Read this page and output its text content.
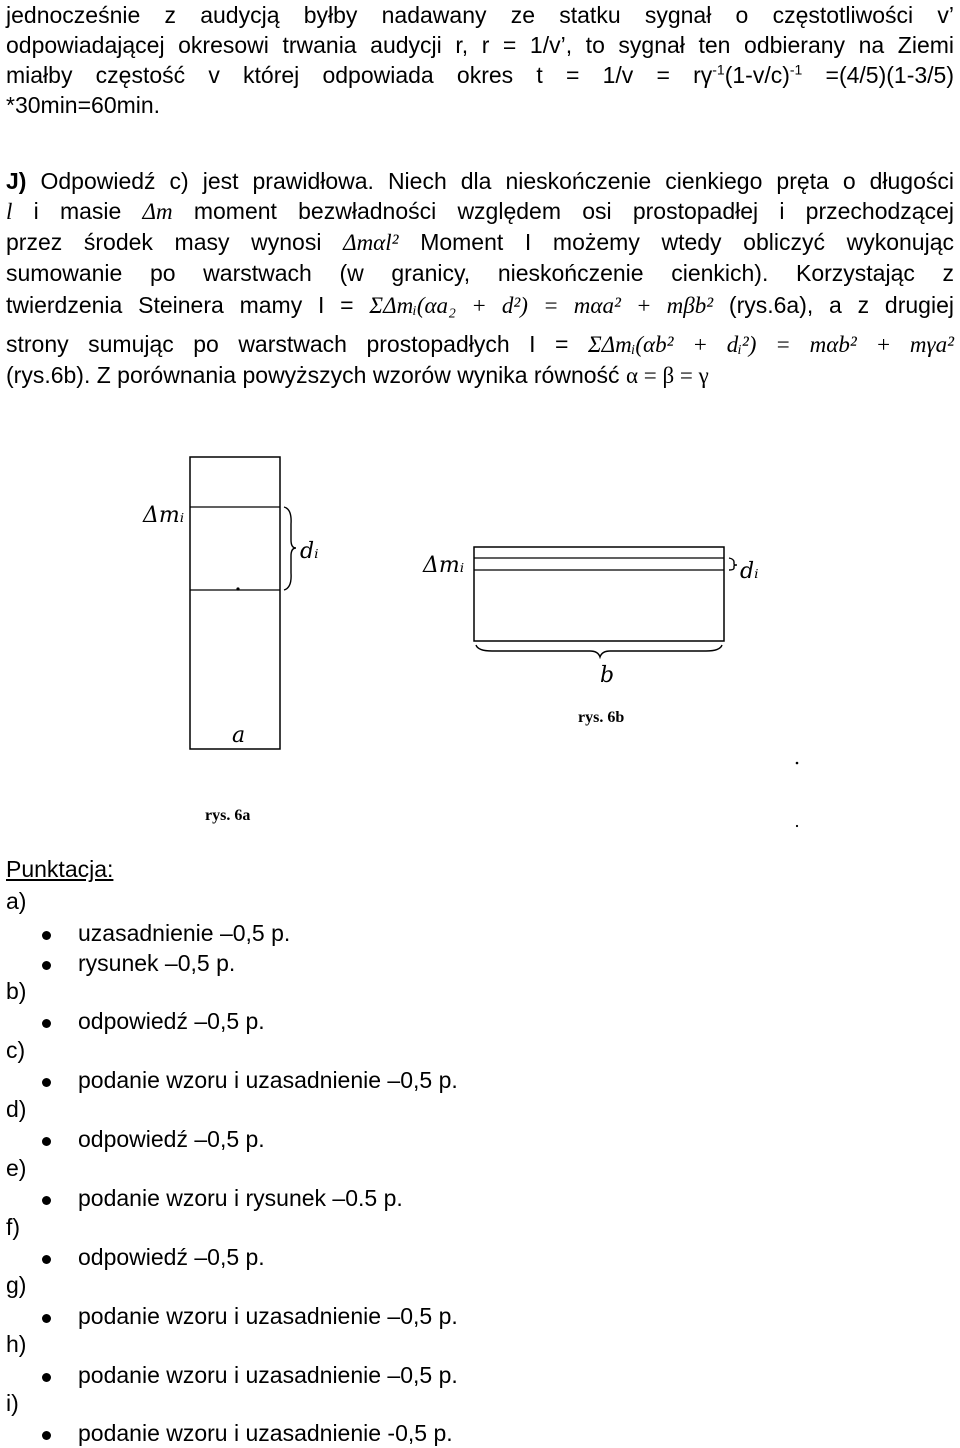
jednocześnie z audycją byłby nadawany ze statku sygnał o częstotliwości v’
odpowiadającej okresowi trwania audycji r, r = 1/v’, to sygnał ten odbierany na Ziemi
miałby częstość v której odpowiada okres $t = 1/v = r\gamma^{-1}(1-v/c)^{-1} =(4/5)(1-3/5)$
*30min=60min.
J) Odpowiedź c) jest prawidłowa. Niech dla nieskończenie cienkiego pręta o długości
l i masie Δm moment bezwładności względem osi prostopadłej i przechodzącej
przez środek masy wynosi Δmαl² Moment I możemy wtedy obliczyć wykonując
sumowanie po warstwach (w granicy, nieskończenie cienkich). Korzystając z
twierdzenia Steinera mamy I = ΣΔmᵢ(αa₂ + d²) = mαa² + mβb² (rys.6a), a z drugiej
strony sumując po warstwach prostopadłych I = ΣΔmᵢ(αb² + dᵢ²) = mαb² + mγa²
(rys.6b). Z porównania powyższych wzorów wynika równość α = β = γ
Δmᵢ
dᵢ
a
rys. 6a
Δmᵢ	dᵢ
b
rys. 6b
Punktacja:
a)
b)
c)
d)
e)
f)
g)
h)
i)
uzasadnienie –0,5 p.
rysunek –0,5 p.
odpowiedź –0,5 p.
podanie wzoru i uzasadnienie –0,5 p.
odpowiedź –0,5 p.
podanie wzoru i rysunek –0.5 p.
odpowiedź –0,5 p.
podanie wzoru i uzasadnienie –0,5 p.
podanie wzoru i uzasadnienie –0,5 p.
podanie wzoru i uzasadnienie -0,5 p.
